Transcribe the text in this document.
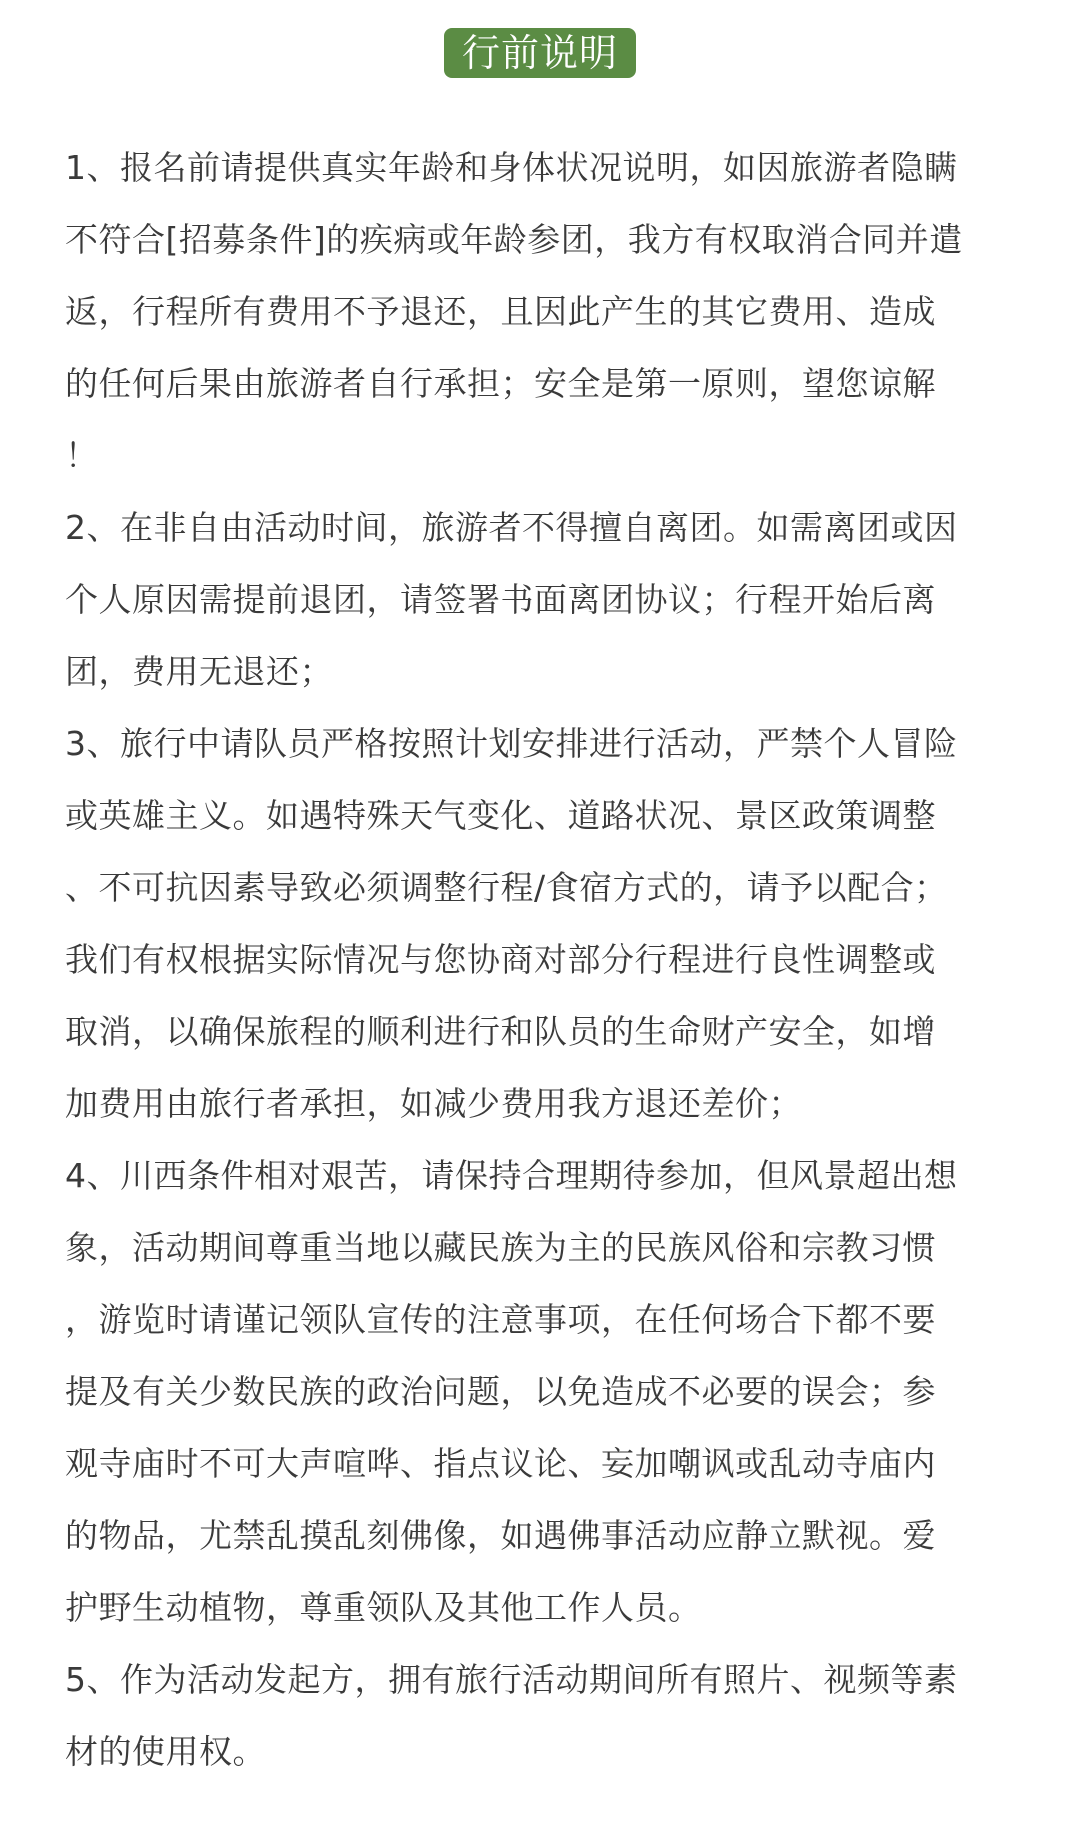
行前说明
1、报名前请提供真实年龄和身体状况说明，如因旅游者隐瞒
不符合[招募条件]的疾病或年龄参团，我方有权取消合同并遣
返，行程所有费用不予退还，且因此产生的其它费用、造成
的任何后果由旅游者自行承担；安全是第一原则，望您谅解
！
2、在非自由活动时间，旅游者不得擅自离团。如需离团或因
个人原因需提前退团，请签署书面离团协议；行程开始后离
团，费用无退还；
3、旅行中请队员严格按照计划安排进行活动，严禁个人冒险
或英雄主义。如遇特殊天气变化、道路状况、景区政策调整
、不可抗因素导致必须调整行程/食宿方式的，请予以配合；
我们有权根据实际情况与您协商对部分行程进行良性调整或
取消，以确保旅程的顺利进行和队员的生命财产安全，如增
加费用由旅行者承担，如减少费用我方退还差价；
4、川西条件相对艰苦，请保持合理期待参加，但风景超出想
象，活动期间尊重当地以藏民族为主的民族风俗和宗教习惯
，游览时请谨记领队宣传的注意事项，在任何场合下都不要
提及有关少数民族的政治问题，以免造成不必要的误会；参
观寺庙时不可大声喧哗、指点议论、妄加嘲讽或乱动寺庙内
的物品，尤禁乱摸乱刻佛像，如遇佛事活动应静立默视。爱
护野生动植物，尊重领队及其他工作人员。
5、作为活动发起方，拥有旅行活动期间所有照片、视频等素
材的使用权。
